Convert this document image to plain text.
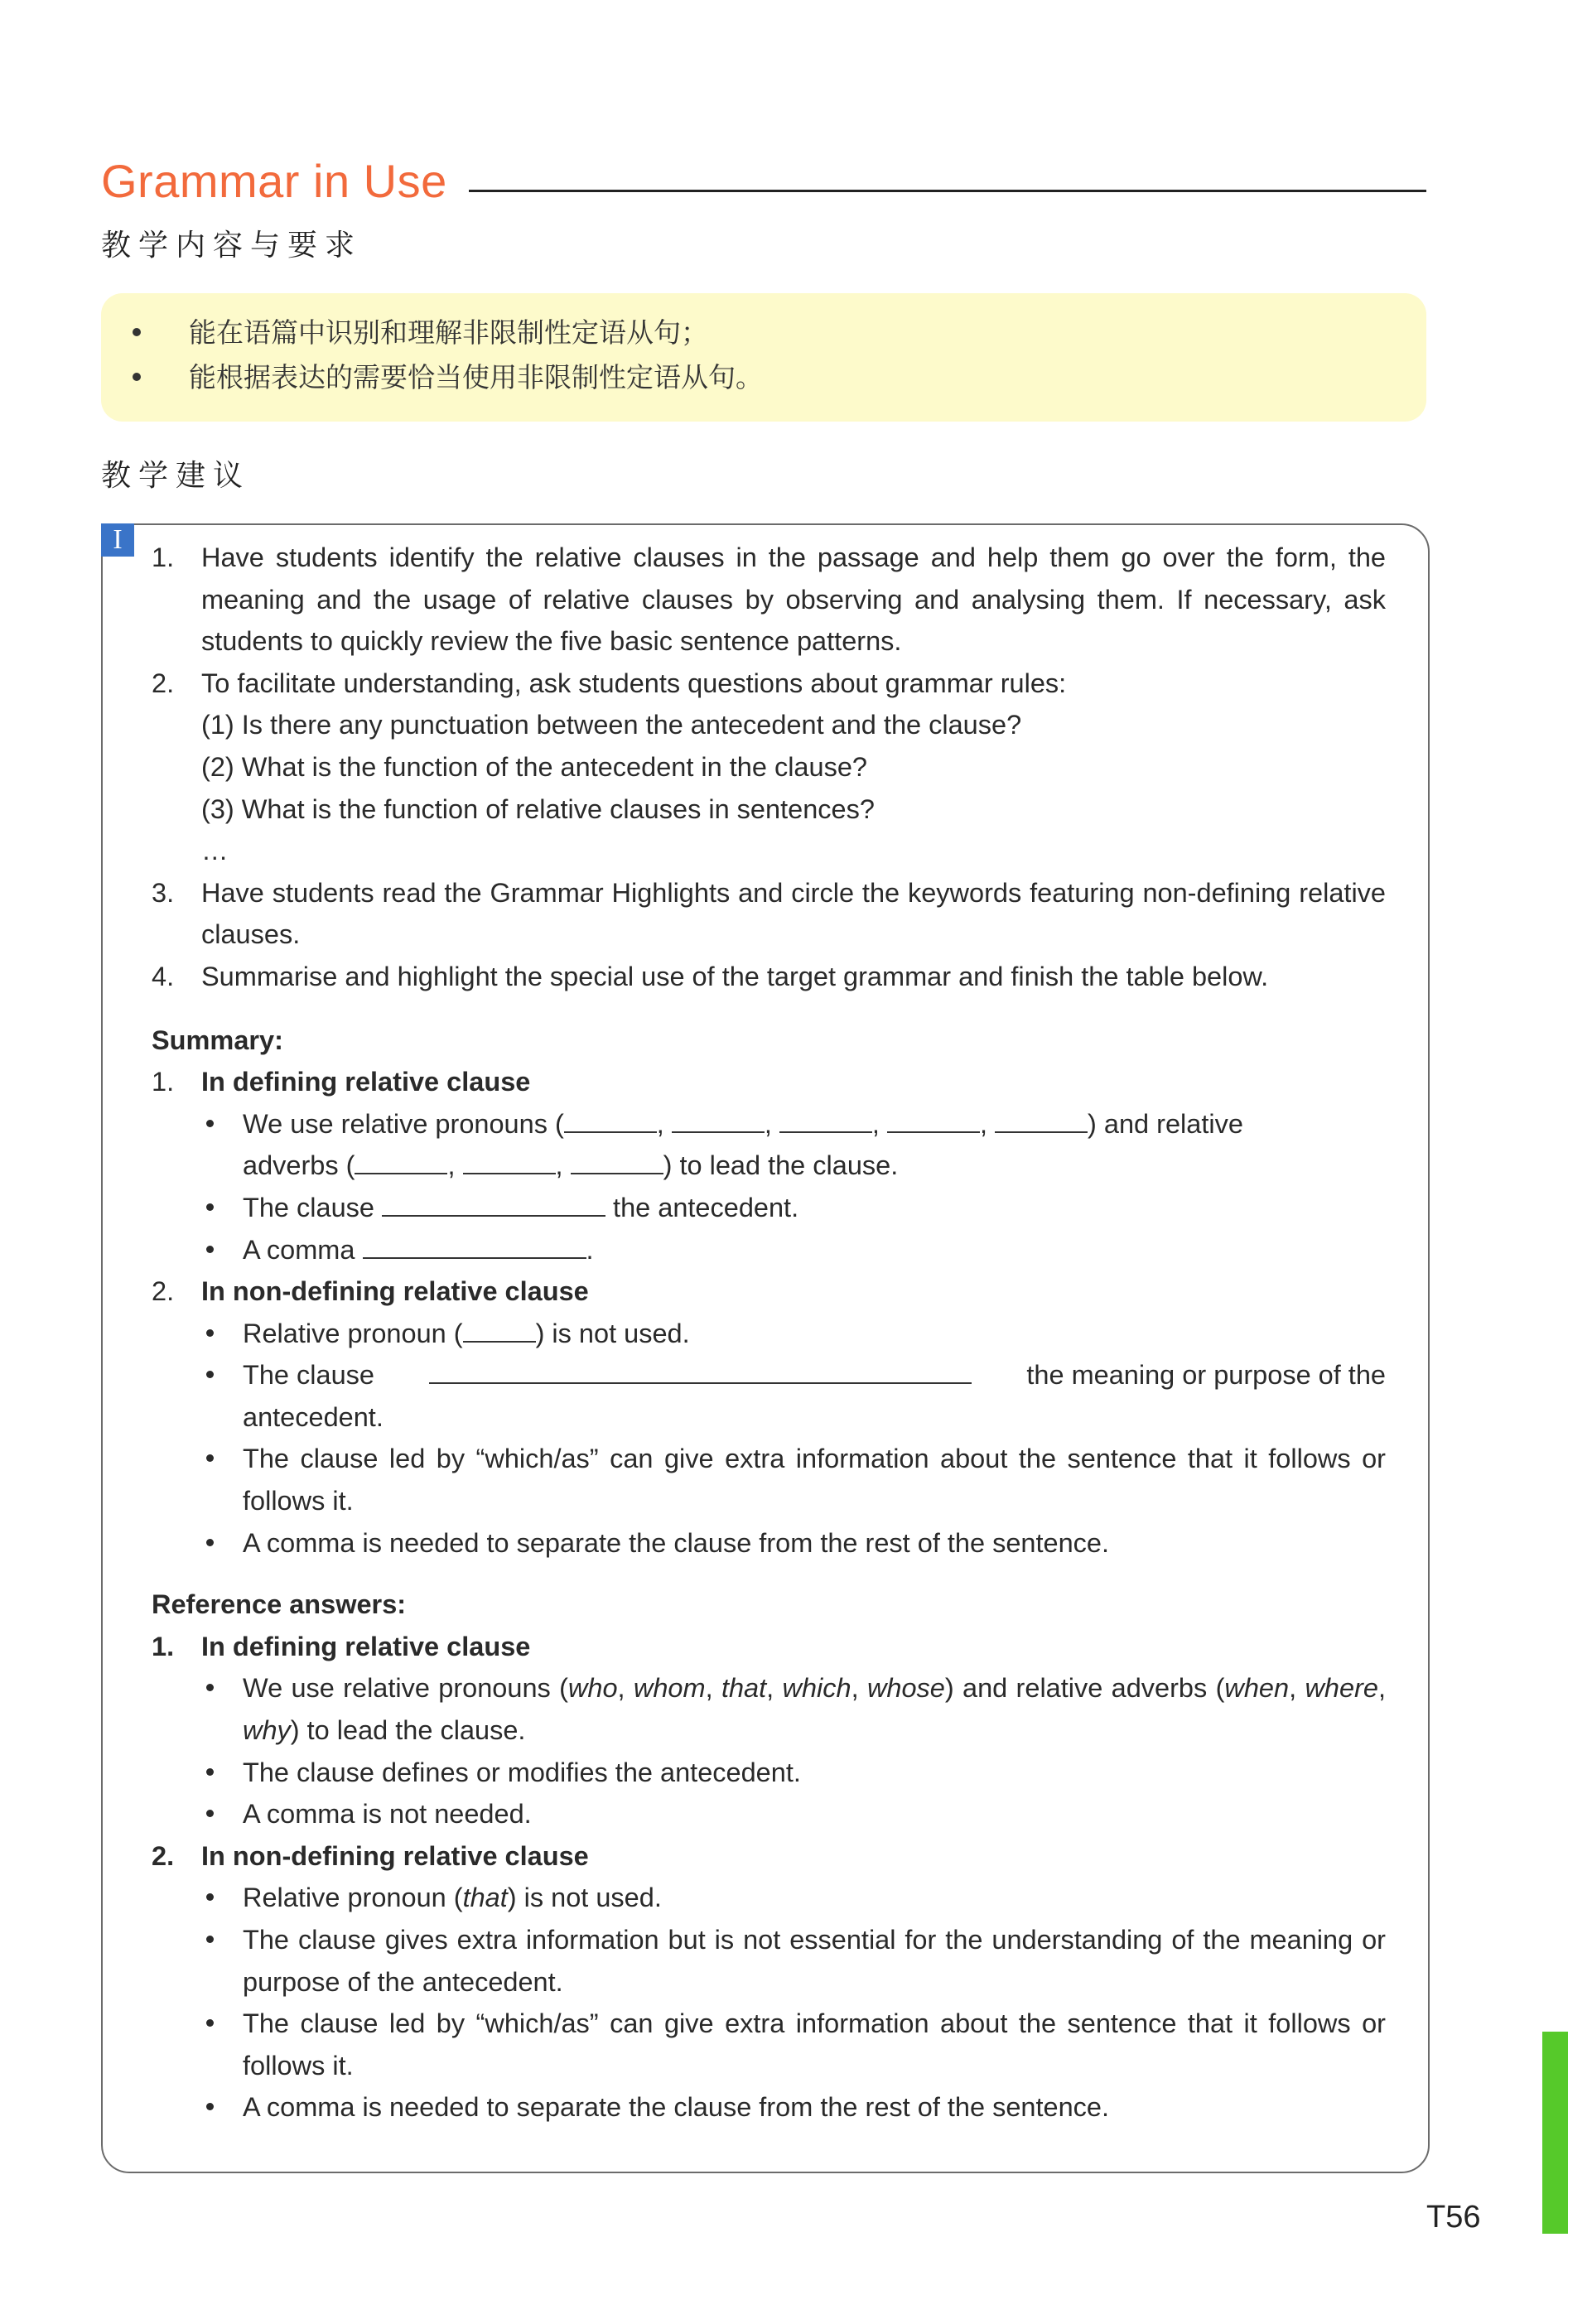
Grammar in Use
教学内容与要求
能在语篇中识别和理解非限制性定语从句；
能根据表达的需要恰当使用非限制性定语从句。
教学建议
I
1. Have students identify the relative clauses in the passage and help them go over the form, the meaning and the usage of relative clauses by observing and analysing them. If necessary, ask students to quickly review the five basic sentence patterns.
2. To facilitate understanding, ask students questions about grammar rules:
(1) Is there any punctuation between the antecedent and the clause?
(2) What is the function of the antecedent in the clause?
(3) What is the function of relative clauses in sentences?
…
3. Have students read the Grammar Highlights and circle the keywords featuring non-defining relative clauses.
4. Summarise and highlight the special use of the target grammar and finish the table below.
Summary:
1. In defining relative clause
We use relative pronouns (	,	,	,	,	) and relative
adverbs (	,	,	) to lead the clause.
The clause	the antecedent.
A comma	.
2. In non-defining relative clause
Relative pronoun (	) is not used.
The clause	the meaning or purpose of the
antecedent.
The clause led by “which/as” can give extra information about the sentence that it follows or follows it.
A comma is needed to separate the clause from the rest of the sentence.
Reference answers:
1. In defining relative clause
We use relative pronouns (who, whom, that, which, whose) and relative adverbs (when, where, why) to lead the clause.
The clause defines or modifies the antecedent.
A comma is not needed.
2. In non-defining relative clause
Relative pronoun (that) is not used.
The clause gives extra information but is not essential for the understanding of the meaning or purpose of the antecedent.
The clause led by “which/as” can give extra information about the sentence that it follows or follows it.
A comma is needed to separate the clause from the rest of the sentence.
T56
